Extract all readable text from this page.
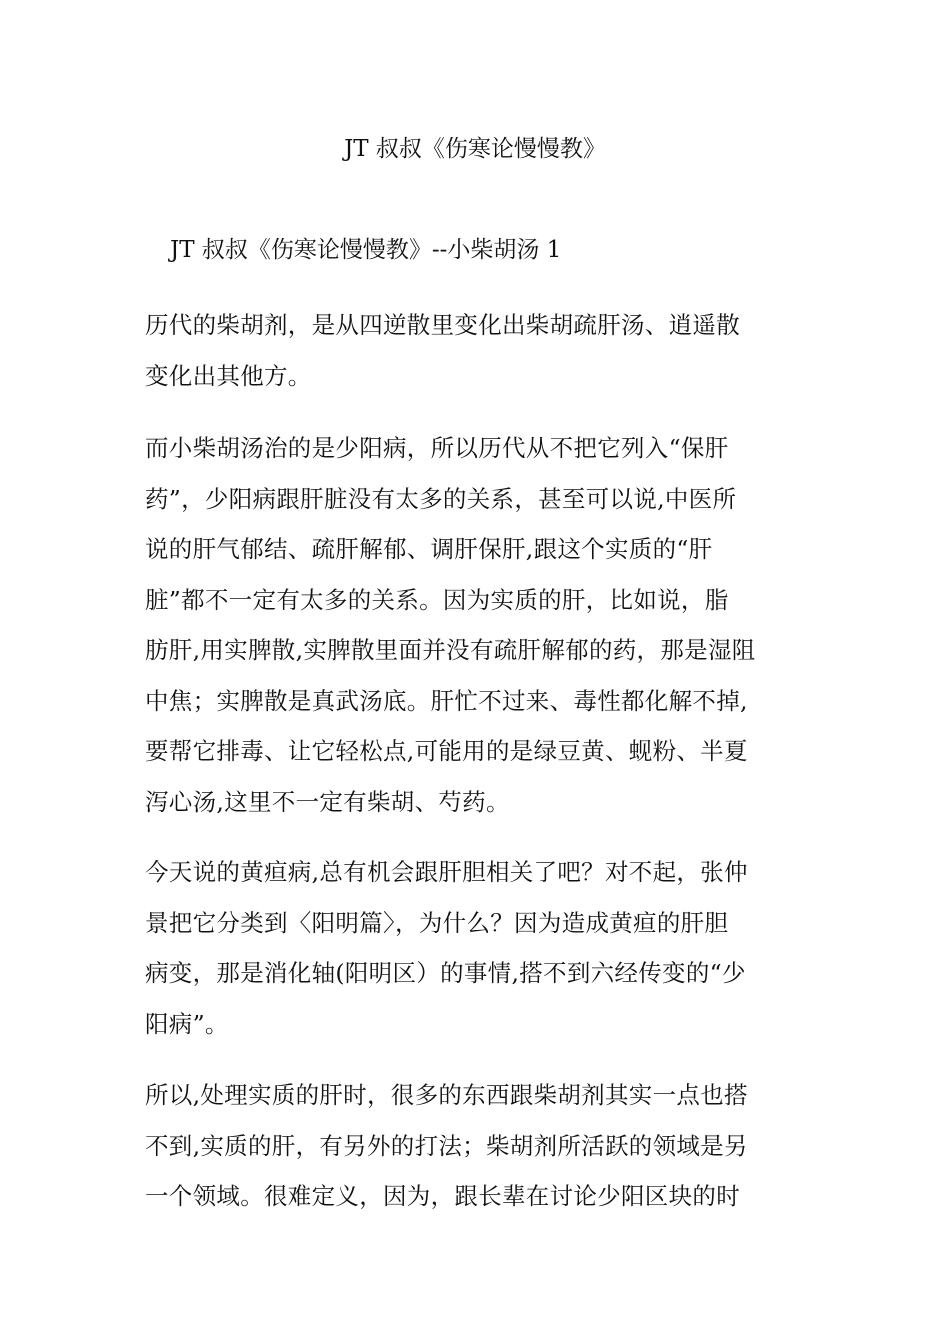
JT 叔叔《伤寒论慢慢教》
JT 叔叔《伤寒论慢慢教》--小柴胡汤 1
历代的柴胡剂，是从四逆散里变化出柴胡疏肝汤、逍遥散
变化出其他方。
而小柴胡汤治的是少阳病，所以历代从不把它列入“保肝
药”，少阳病跟肝脏没有太多的关系，甚至可以说,中医所
说的肝气郁结、疏肝解郁、调肝保肝,跟这个实质的“肝
脏”都不一定有太多的关系。因为实质的肝，比如说，脂
肪肝,用实脾散,实脾散里面并没有疏肝解郁的药，那是湿阻
中焦；实脾散是真武汤底。肝忙不过来、毒性都化解不掉,
要帮它排毒、让它轻松点,可能用的是绿豆黄、蚬粉、半夏
泻心汤,这里不一定有柴胡、芍药。
今天说的黄疸病,总有机会跟肝胆相关了吧？对不起，张仲
景把它分类到〈阳明篇〉，为什么？因为造成黄疸的肝胆
病变，那是消化轴(阳明区）的事情,搭不到六经传变的“少
阳病”。
所以,处理实质的肝时，很多的东西跟柴胡剂其实一点也搭
不到,实质的肝，有另外的打法；柴胡剂所活跃的领域是另
一个领域。很难定义，因为，跟长辈在讨论少阳区块的时
